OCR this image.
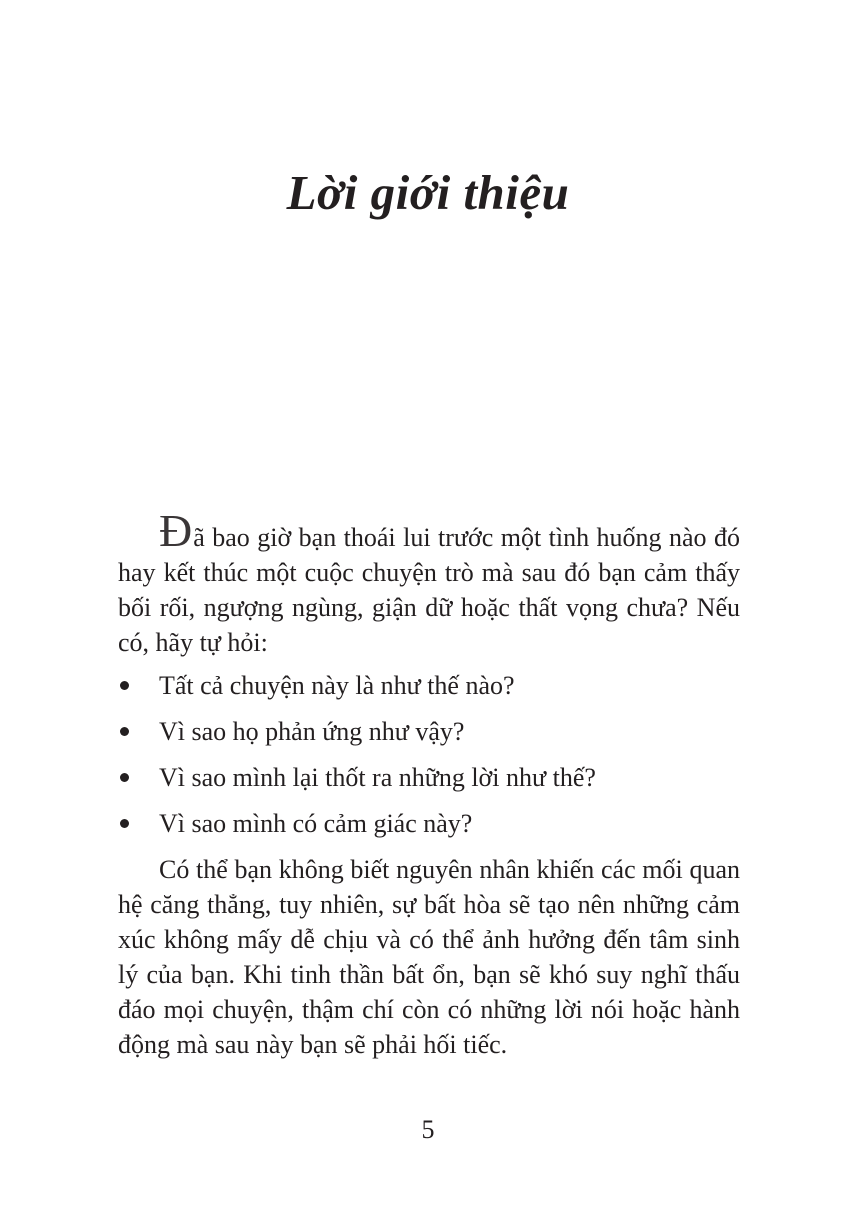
Lời giới thiệu

Đã bao giờ bạn thoái lui trước một tình huống nào đó hay kết thúc một cuộc chuyện trò mà sau đó bạn cảm thấy bối rối, ngượng ngùng, giận dữ hoặc thất vọng chưa? Nếu có, hãy tự hỏi:

Tất cả chuyện này là như thế nào?
Vì sao họ phản ứng như vậy?
Vì sao mình lại thốt ra những lời như thế?
Vì sao mình có cảm giác này?

Có thể bạn không biết nguyên nhân khiến các mối quan hệ căng thẳng, tuy nhiên, sự bất hòa sẽ tạo nên những cảm xúc không mấy dễ chịu và có thể ảnh hưởng đến tâm sinh lý của bạn. Khi tinh thần bất ổn, bạn sẽ khó suy nghĩ thấu đáo mọi chuyện, thậm chí còn có những lời nói hoặc hành động mà sau này bạn sẽ phải hối tiếc.

5
